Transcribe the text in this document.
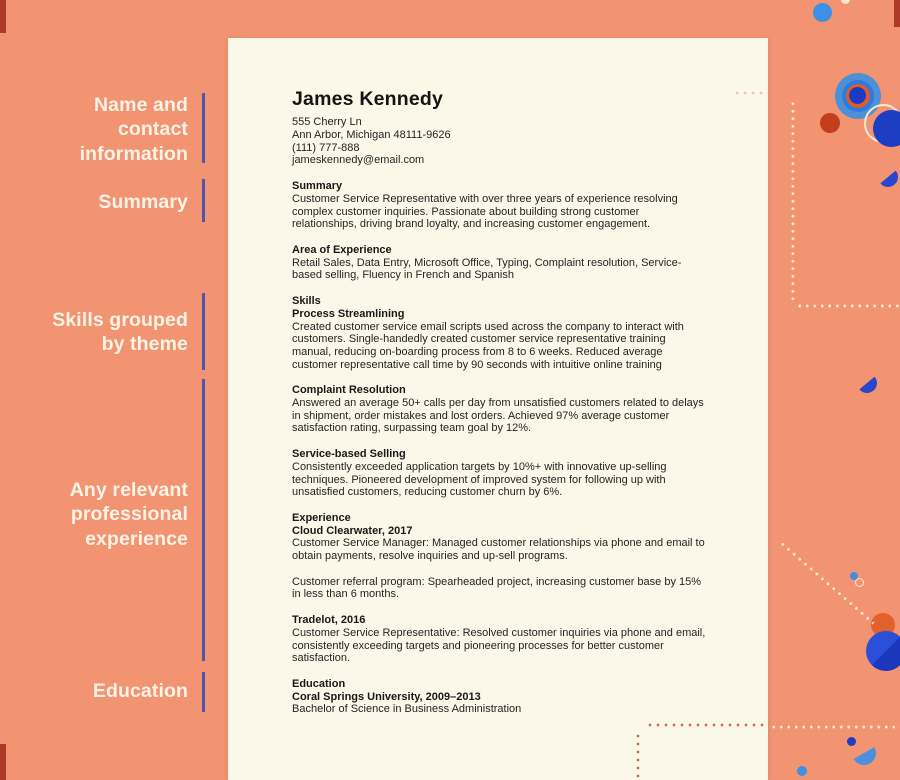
James Kennedy
555 Cherry Ln
Ann Arbor, Michigan 48111-9626
(111) 777-888
jameskennedy@email.com
Summary
Customer Service Representative with over three years of experience resolving complex customer inquiries. Passionate about building strong customer relationships, driving brand loyalty, and increasing customer engagement.
Area of Experience
Retail Sales, Data Entry, Microsoft Office, Typing, Complaint resolution, Service-based selling, Fluency in French and Spanish
Skills
Process Streamlining
Created customer service email scripts used across the company to interact with customers. Single-handedly created customer service representative training manual, reducing on-boarding process from 8 to 6 weeks. Reduced average customer representative call time by 90 seconds with intuitive online training
Complaint Resolution
Answered an average 50+ calls per day from unsatisfied customers related to delays in shipment, order mistakes and lost orders. Achieved 97% average customer satisfaction rating, surpassing team goal by 12%.
Service-based Selling
Consistently exceeded application targets by 10%+ with innovative up-selling techniques. Pioneered development of improved system for following up with unsatisfied customers, reducing customer churn by 6%.
Experience
Cloud Clearwater, 2017
Customer Service Manager: Managed customer relationships via phone and email to obtain payments, resolve inquiries and up-sell programs.
Customer referral program: Spearheaded project, increasing customer base by 15% in less than 6 months.
Tradelot, 2016
Customer Service Representative: Resolved customer inquiries via phone and email, consistently exceeding targets and pioneering processes for better customer satisfaction.
Education
Coral Springs University, 2009–2013
Bachelor of Science in Business Administration
Name and
contact
information
Summary
Skills grouped
by theme
Any relevant
professional
experience
Education
